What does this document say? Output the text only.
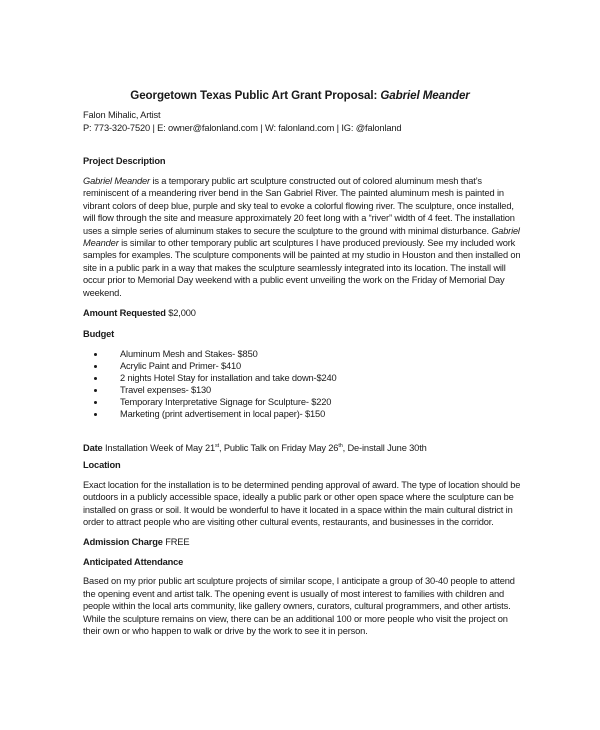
Georgetown Texas Public Art Grant Proposal: Gabriel Meander
Falon Mihalic, Artist
P: 773-320-7520 | E: owner@falonland.com | W: falonland.com | IG: @falonland
Project Description
Gabriel Meander is a temporary public art sculpture constructed out of colored aluminum mesh that’s
reminiscent of a meandering river bend in the San Gabriel River. The painted aluminum mesh is painted in
vibrant colors of deep blue, purple and sky teal to evoke a colorful flowing river. The sculpture, once installed,
will flow through the site and measure approximately 20 feet long with a “river” width of 4 feet. The installation
uses a simple series of aluminum stakes to secure the sculpture to the ground with minimal disturbance. Gabriel
Meander is similar to other temporary public art sculptures I have produced previously. See my included work
samples for examples. The sculpture components will be painted at my studio in Houston and then installed on
site in a public park in a way that makes the sculpture seamlessly integrated into its location. The install will
occur prior to Memorial Day weekend with a public event unveiling the work on the Friday of Memorial Day
weekend.
Amount Requested $2,000
Budget
Aluminum Mesh and Stakes- $850
Acrylic Paint and Primer- $410
2 nights Hotel Stay for installation and take down-$240
Travel expenses- $130
Temporary Interpretative Signage for Sculpture- $220
Marketing (print advertisement in local paper)- $150
Date Installation Week of May 21st, Public Talk on Friday May 26th, De-install June 30th
Location
Exact location for the installation is to be determined pending approval of award. The type of location should be
outdoors in a publicly accessible space, ideally a public park or other open space where the sculpture can be
installed on grass or soil. It would be wonderful to have it located in a space within the main cultural district in
order to attract people who are visiting other cultural events, restaurants, and businesses in the corridor.
Admission Charge FREE
Anticipated Attendance
Based on my prior public art sculpture projects of similar scope, I anticipate a group of 30-40 people to attend
the opening event and artist talk. The opening event is usually of most interest to families with children and
people within the local arts community, like gallery owners, curators, cultural programmers, and other artists.
While the sculpture remains on view, there can be an additional 100 or more people who visit the project on
their own or who happen to walk or drive by the work to see it in person.
